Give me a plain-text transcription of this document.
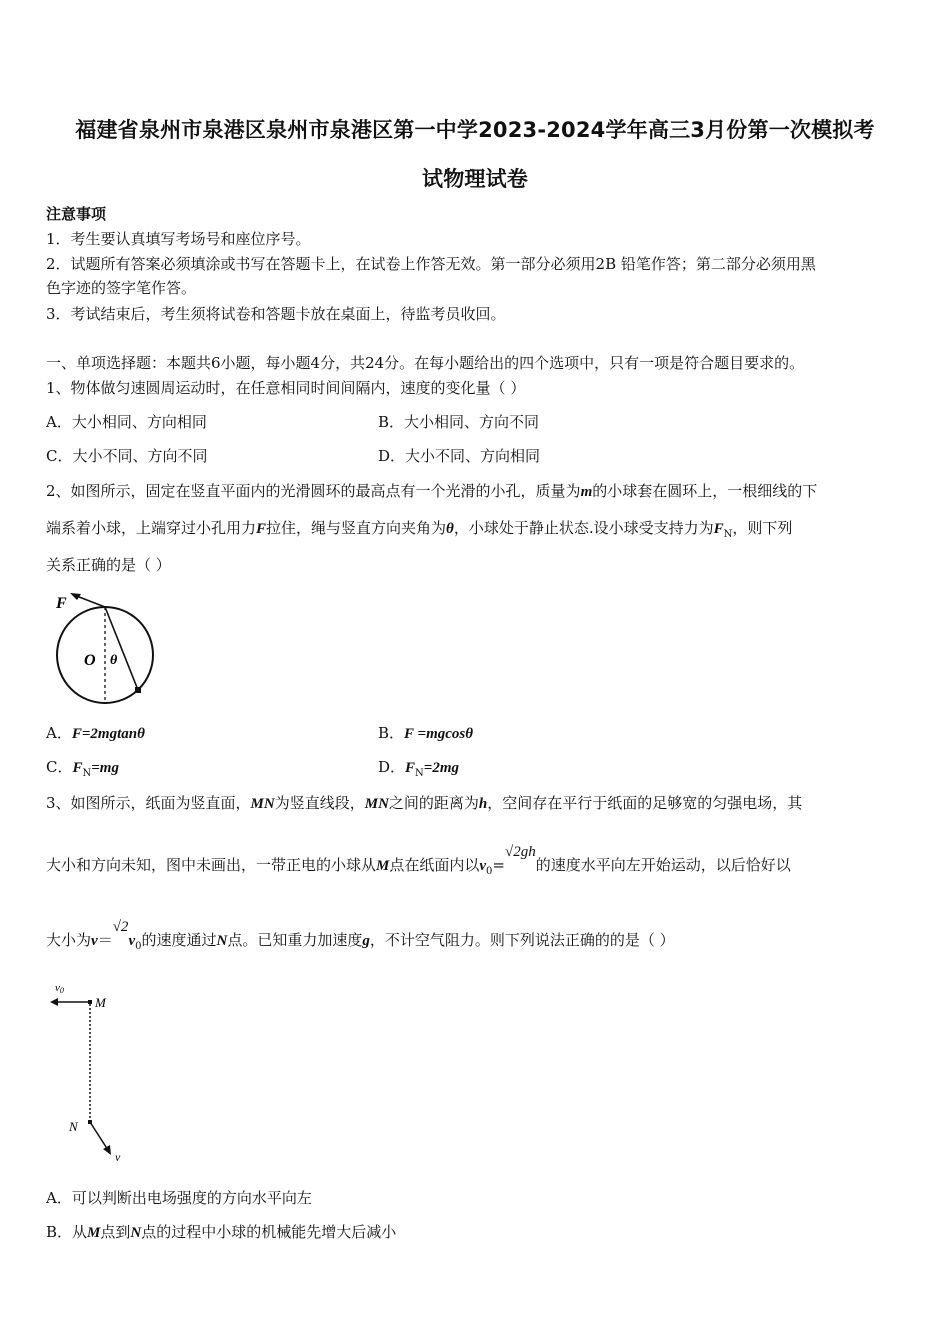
福建省泉州市泉港区泉州市泉港区第一中学2023-2024学年高三3月份第一次模拟考
试物理试卷
注意事项
1．考生要认真填写考场号和座位序号。
2．试题所有答案必须填涂或书写在答题卡上，在试卷上作答无效。第一部分必须用2B 铅笔作答；第二部分必须用黑
色字迹的签字笔作答。
3．考试结束后，考生须将试卷和答题卡放在桌面上，待监考员收回。
一、单项选择题：本题共6小题，每小题4分，共24分。在每小题给出的四个选项中，只有一项是符合题目要求的。
1、物体做匀速圆周运动时，在任意相同时间间隔内，速度的变化量（ ）
A．大小相同、方向相同	B．大小相同、方向不同
C．大小不同、方向不同	D．大小不同、方向相同
2、如图所示，固定在竖直平面内的光滑圆环的最高点有一个光滑的小孔，质量为m的小球套在圆环上，一根细线的下
端系着小球，上端穿过小孔用力F拉住，绳与竖直方向夹角为θ，小球处于静止状态.设小球受支持力为$F_N$，则下列
关系正确的是（ ）
F
O θ
A．F=2mgtanθ	B．F =mgcosθ
C．$F_N=mg$	D．$F_N=2mg$
3、如图所示，纸面为竖直面，MN为竖直线段，MN之间的距离为h，空间存在平行于纸面的足够宽的匀强电场，其
大小和方向未知，图中未画出，一带正电的小球从M点在纸面内以$v_0=√2gh$的速度水平向左开始运动，以后恰好以
大小为$v=√2v_0$的速度通过N点。已知重力加速度g，不计空气阻力。则下列说法正确的的是（ ）
v0
M
N
v
A．可以判断出电场强度的方向水平向左
B．从M点到N点的过程中小球的机械能先增大后减小
